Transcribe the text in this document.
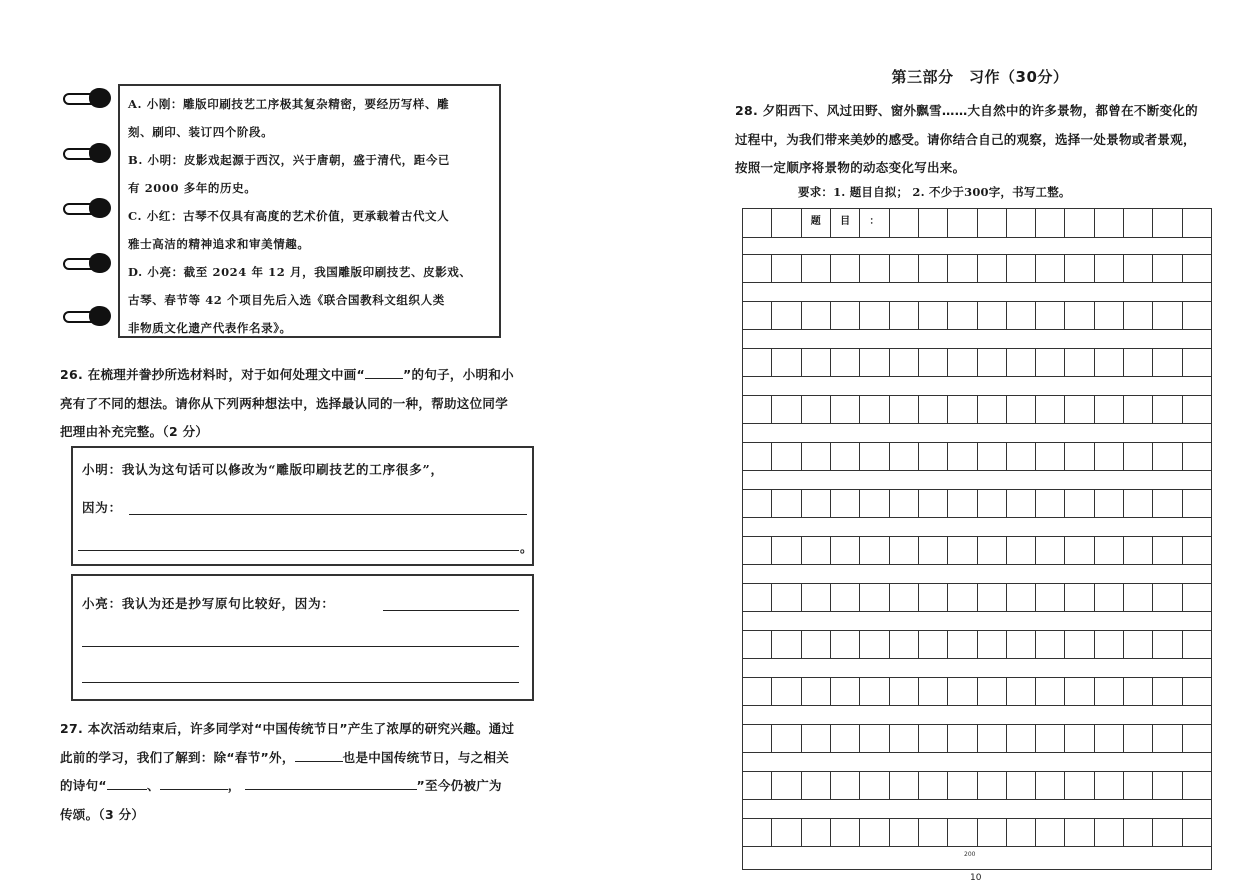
A. 小刚：雕版印刷技艺工序极其复杂精密，要经历写样、雕

刻、刷印、装订四个阶段。

B. 小明：皮影戏起源于西汉，兴于唐朝，盛于清代，距今已

有 2000 多年的历史。

C. 小红：古琴不仅具有高度的艺术价值，更承载着古代文人

雅士高洁的精神追求和审美情趣。

D. 小亮：截至 2024 年 12 月，我国雕版印刷技艺、皮影戏、

古琴、春节等 42 个项目先后入选《联合国教科文组织人类

非物质文化遗产代表作名录》。

26. 在梳理并誊抄所选材料时，对于如何处理文中画“	”的句子，小明和小
亮有了不同的想法。请你从下列两种想法中，选择最认同的一种，帮助这位同学
把理由补充完整。（2 分）
小明：我认为这句话可以修改为“雕版印刷技艺的工序很多”，
因为：
。
小亮：我认为还是抄写原句比较好，因为：
27. 本次活动结束后，许多同学对“中国传统节日”产生了浓厚的研究兴趣。通过
此前的学习，我们了解到：除“春节”外，	也是中国传统节日，与之相关
的诗句“	、	，	”至今仍被广为
传颂。（3 分）
第三部分　习作（30分）
28. 夕阳西下、风过田野、窗外飘雪……大自然中的许多景物，都曾在不断变化的
过程中，为我们带来美妙的感受。请你结合自己的观察，选择一处景物或者景观，
按照一定顺序将景物的动态变化写出来。
要求：1. 题目自拟； 2. 不少于300字，书写工整。
题	目	：
200
10
